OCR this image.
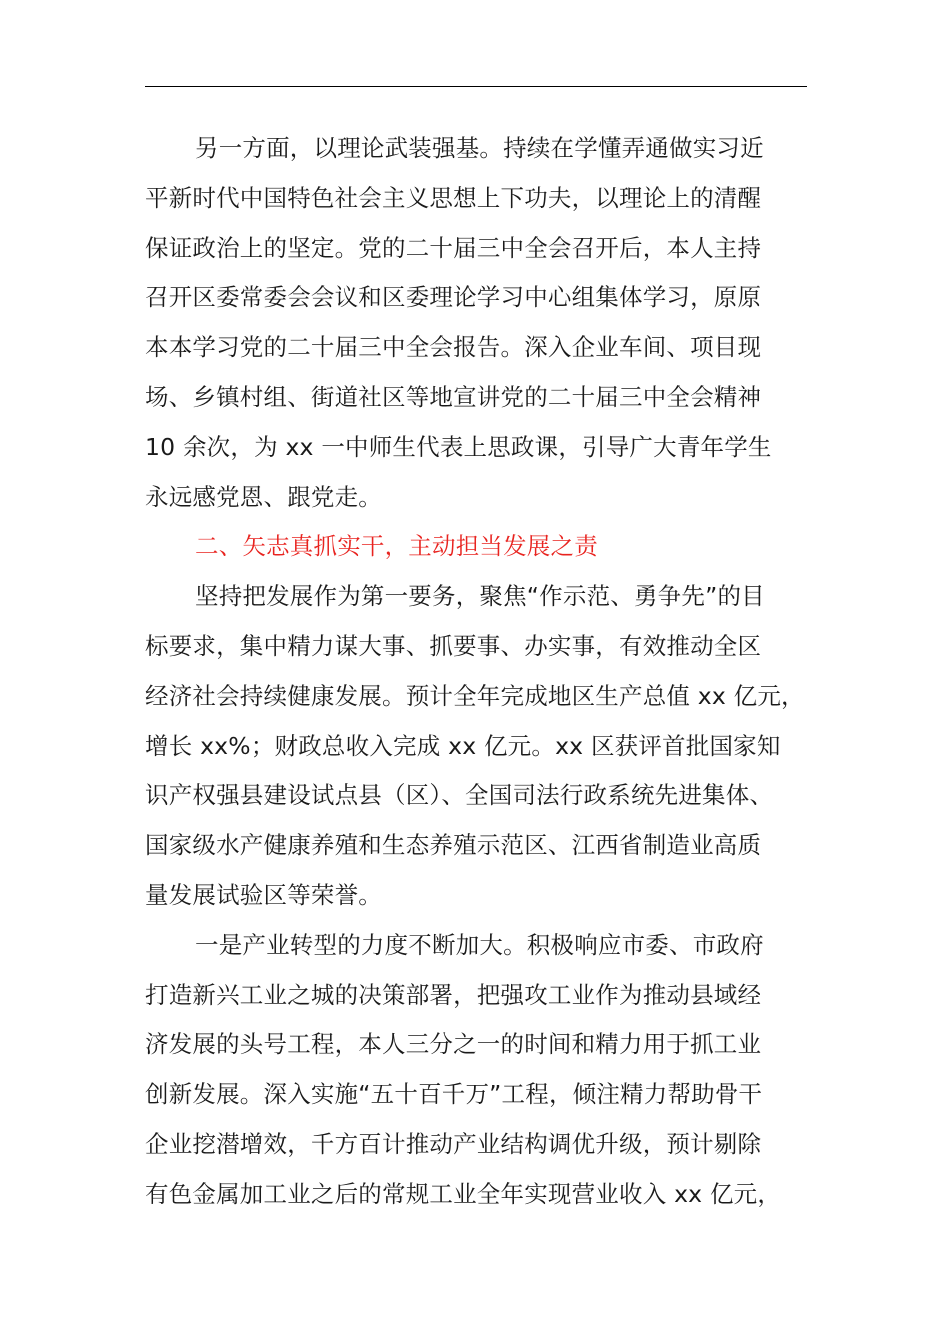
另一方面，以理论武装强基。持续在学懂弄通做实习近
平新时代中国特色社会主义思想上下功夫，以理论上的清醒
保证政治上的坚定。党的二十届三中全会召开后，本人主持
召开区委常委会会议和区委理论学习中心组集体学习，原原
本本学习党的二十届三中全会报告。深入企业车间、项目现
场、乡镇村组、街道社区等地宣讲党的二十届三中全会精神
10 余次，为 xx 一中师生代表上思政课，引导广大青年学生
永远感党恩、跟党走。
二、矢志真抓实干，主动担当发展之责
坚持把发展作为第一要务，聚焦“作示范、勇争先”的目
标要求，集中精力谋大事、抓要事、办实事，有效推动全区
经济社会持续健康发展。预计全年完成地区生产总值 xx 亿元，
增长 xx%；财政总收入完成 xx 亿元。xx 区获评首批国家知
识产权强县建设试点县（区）、全国司法行政系统先进集体、
国家级水产健康养殖和生态养殖示范区、江西省制造业高质
量发展试验区等荣誉。
一是产业转型的力度不断加大。积极响应市委、市政府
打造新兴工业之城的决策部署，把强攻工业作为推动县域经
济发展的头号工程，本人三分之一的时间和精力用于抓工业
创新发展。深入实施“五十百千万”工程，倾注精力帮助骨干
企业挖潜增效，千方百计推动产业结构调优升级，预计剔除
有色金属加工业之后的常规工业全年实现营业收入 xx 亿元，
